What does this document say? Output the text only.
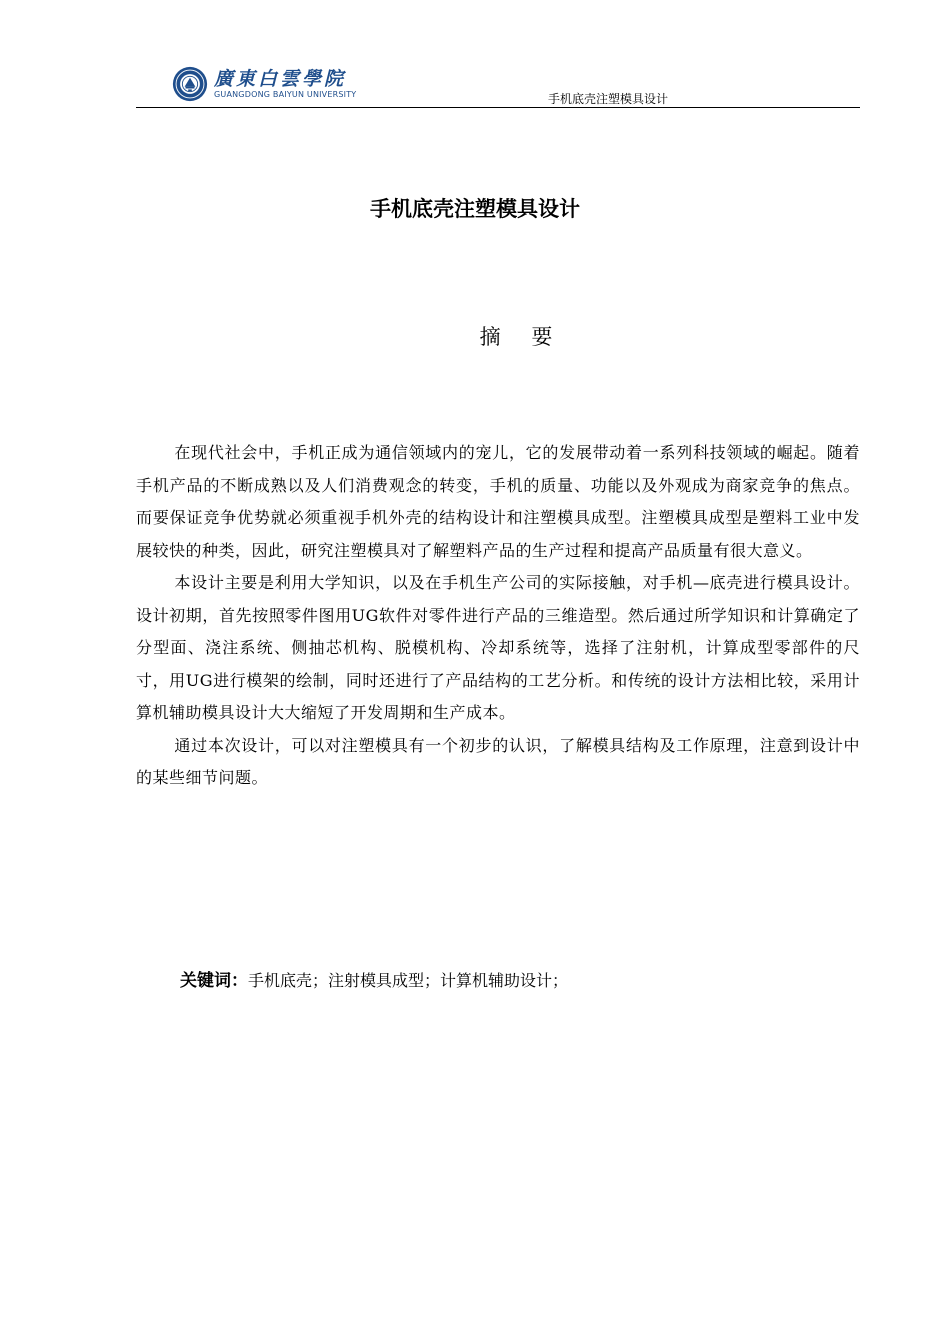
廣東白雲學院
GUANGDONG BAIYUN UNIVERSITY	手机底壳注塑模具设计
手机底壳注塑模具设计
摘 要

在现代社会中，手机正成为通信领域内的宠儿，它的发展带动着一系列科技领域的崛起。随着手机产品的不断成熟以及人们消费观念的转变，手机的质量、功能以及外观成为商家竞争的焦点。而要保证竞争优势就必须重视手机外壳的结构设计和注塑模具成型。注塑模具成型是塑料工业中发展较快的种类，因此，研究注塑模具对了解塑料产品的生产过程和提高产品质量有很大意义。

本设计主要是利用大学知识，以及在手机生产公司的实际接触，对手机—底壳进行模具设计。设计初期，首先按照零件图用UG软件对零件进行产品的三维造型。然后通过所学知识和计算确定了分型面、浇注系统、侧抽芯机构、脱模机构、冷却系统等，选择了注射机，计算成型零部件的尺寸，用UG进行模架的绘制，同时还进行了产品结构的工艺分析。和传统的设计方法相比较，采用计算机辅助模具设计大大缩短了开发周期和生产成本。

通过本次设计，可以对注塑模具有一个初步的认识，了解模具结构及工作原理，注意到设计中的某些细节问题。

关键词：手机底壳；注射模具成型；计算机辅助设计；
